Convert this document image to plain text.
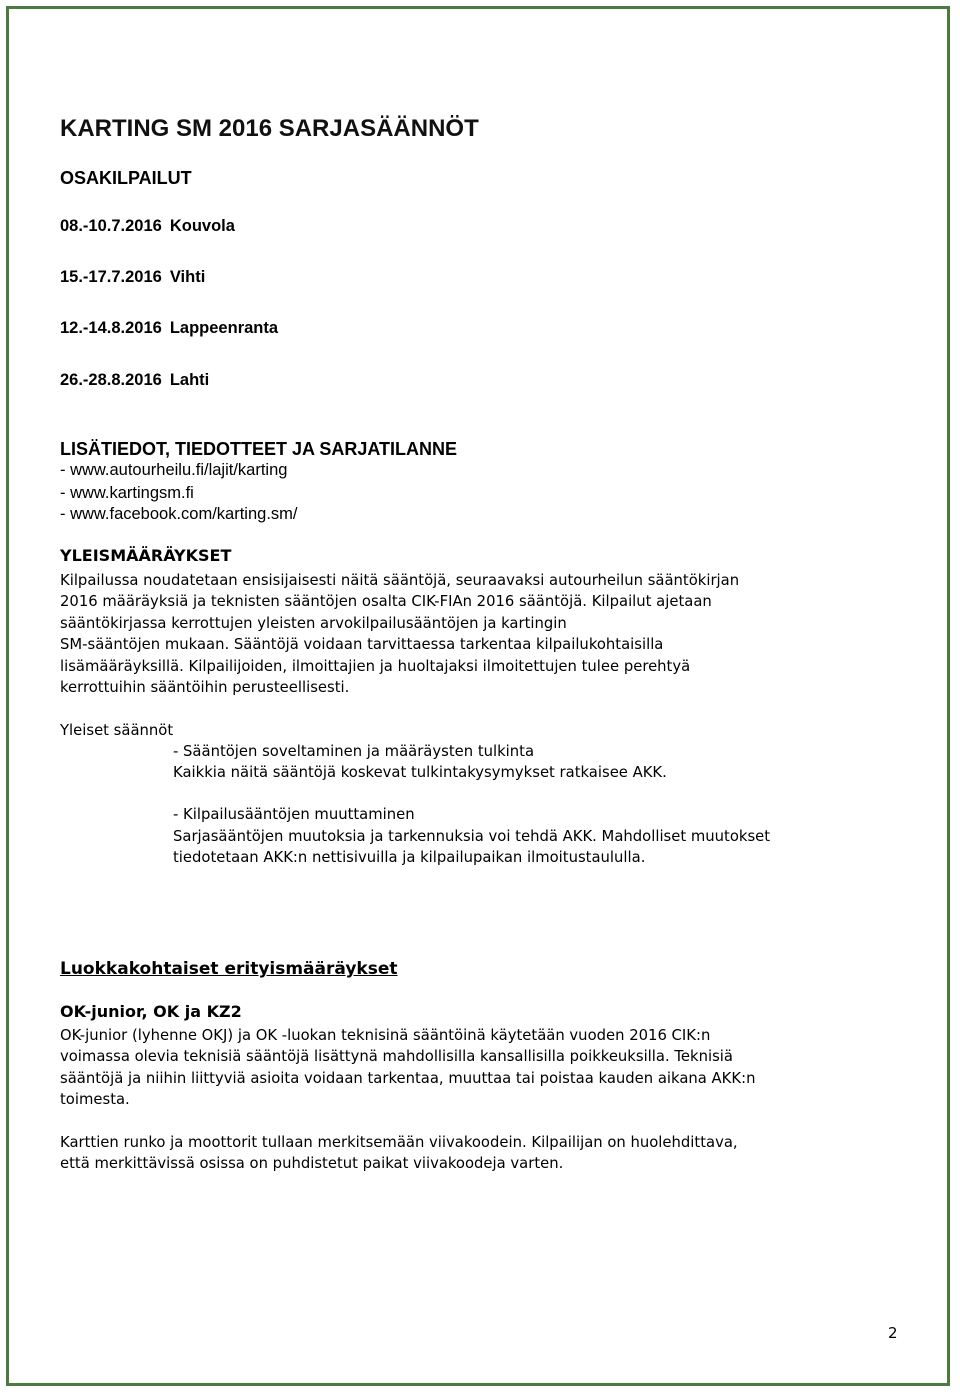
KARTING SM 2016 SARJASÄÄNNÖT
OSAKILPAILUT
08.-10.7.2016 Kouvola
15.-17.7.2016 Vihti
12.-14.8.2016 Lappeenranta
26.-28.8.2016 Lahti
LISÄTIEDOT, TIEDOTTEET JA SARJATILANNE
- www.autourheilu.fi/lajit/karting
- www.kartingsm.fi
- www.facebook.com/karting.sm/
YLEISMÄÄRÄYKSET
Kilpailussa noudatetaan ensisijaisesti näitä sääntöjä, seuraavaksi autourheilun sääntökirjan
2016 määräyksiä ja teknisten sääntöjen osalta CIK-FIAn 2016 sääntöjä. Kilpailut ajetaan
sääntökirjassa kerrottujen yleisten arvokilpailusääntöjen ja kartingin
SM-sääntöjen mukaan. Sääntöjä voidaan tarvittaessa tarkentaa kilpailukohtaisilla
lisämääräyksillä. Kilpailijoiden, ilmoittajien ja huoltajaksi ilmoitettujen tulee perehtyä
kerrottuihin sääntöihin perusteellisesti.
Yleiset säännöt
- Sääntöjen soveltaminen ja määräysten tulkinta
Kaikkia näitä sääntöjä koskevat tulkintakysymykset ratkaisee AKK.
- Kilpailusääntöjen muuttaminen
Sarjasääntöjen muutoksia ja tarkennuksia voi tehdä AKK. Mahdolliset muutokset
tiedotetaan AKK:n nettisivuilla ja kilpailupaikan ilmoitustaululla.
Luokkakohtaiset erityismääräykset
OK-junior, OK ja KZ2
OK-junior (lyhenne OKJ) ja OK -luokan teknisinä sääntöinä käytetään vuoden 2016 CIK:n
voimassa olevia teknisiä sääntöjä lisättynä mahdollisilla kansallisilla poikkeuksilla. Teknisiä
sääntöjä ja niihin liittyviä asioita voidaan tarkentaa, muuttaa tai poistaa kauden aikana AKK:n
toimesta.
Karttien runko ja moottorit tullaan merkitsemään viivakoodein. Kilpailijan on huolehdittava,
että merkittävissä osissa on puhdistetut paikat viivakoodeja varten.
2
